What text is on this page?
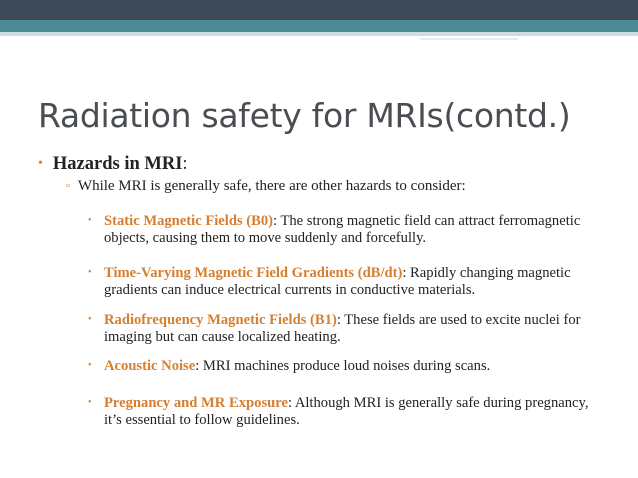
Radiation safety for MRIs(contd.)
• Hazards in MRI:
▫ While MRI is generally safe, there are other hazards to consider:
• Static Magnetic Fields (B0): The strong magnetic field can attract ferromagnetic objects, causing them to move suddenly and forcefully.
• Time-Varying Magnetic Field Gradients (dB/dt): Rapidly changing magnetic gradients can induce electrical currents in conductive materials.
• Radiofrequency Magnetic Fields (B1): These fields are used to excite nuclei for imaging but can cause localized heating.
• Acoustic Noise: MRI machines produce loud noises during scans.
• Pregnancy and MR Exposure: Although MRI is generally safe during pregnancy, it’s essential to follow guidelines.
